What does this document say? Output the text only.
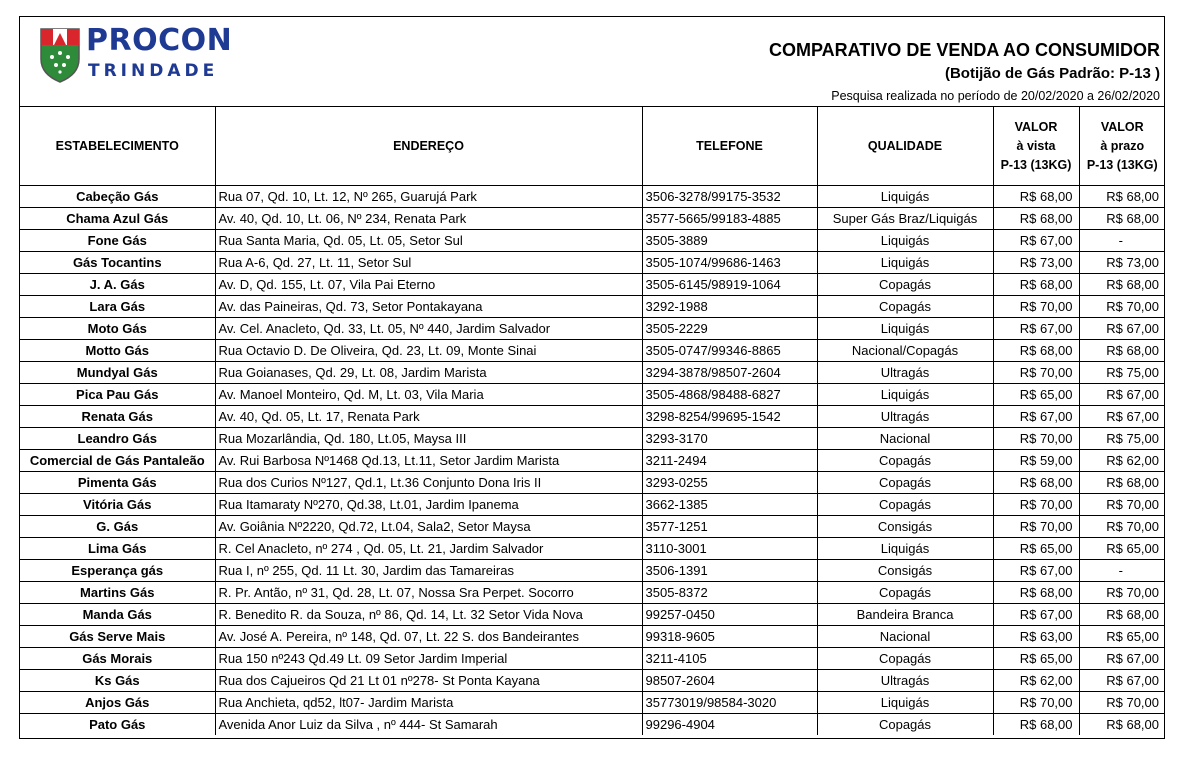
PROCON
TRINDADE
COMPARATIVO DE VENDA AO CONSUMIDOR
(Botijão de Gás Padrão: P-13 )
Pesquisa realizada no período de 20/02/2020 a 26/02/2020
ESTABELECIMENTO	ENDEREÇO	TELEFONE	QUALIDADE	VALOR
à vista
P-13 (13KG)	VALOR
à prazo
P-13 (13KG)

Cabeção Gás	Rua 07, Qd. 10, Lt. 12, Nº 265, Guarujá Park	3506-3278/99175-3532	Liquigás	R$ 68,00	R$ 68,00
Chama Azul Gás	Av. 40, Qd. 10, Lt. 06, Nº 234, Renata Park	3577-5665/99183-4885	Super Gás Braz/Liquigás	R$ 68,00	R$ 68,00
Fone Gás	Rua Santa Maria, Qd. 05, Lt. 05, Setor Sul	3505-3889	Liquigás	R$ 67,00	-
Gás Tocantins	Rua A-6, Qd. 27, Lt. 11, Setor Sul	3505-1074/99686-1463	Liquigás	R$ 73,00	R$ 73,00
J. A. Gás	Av. D, Qd. 155, Lt. 07, Vila Pai Eterno	3505-6145/98919-1064	Copagás	R$ 68,00	R$ 68,00
Lara Gás	Av. das Paineiras, Qd. 73, Setor Pontakayana	3292-1988	Copagás	R$ 70,00	R$ 70,00
Moto Gás	Av. Cel. Anacleto, Qd. 33, Lt. 05, Nº 440, Jardim Salvador	3505-2229	Liquigás	R$ 67,00	R$ 67,00
Motto Gás	Rua Octavio D. De Oliveira, Qd. 23, Lt. 09, Monte Sinai	3505-0747/99346-8865	Nacional/Copagás	R$ 68,00	R$ 68,00
Mundyal Gás	Rua Goianases, Qd. 29, Lt. 08, Jardim Marista	3294-3878/98507-2604	Ultragás	R$ 70,00	R$ 75,00
Pica Pau Gás	Av. Manoel Monteiro, Qd. M, Lt. 03, Vila Maria	3505-4868/98488-6827	Liquigás	R$ 65,00	R$ 67,00
Renata Gás	Av. 40, Qd. 05, Lt. 17, Renata Park	3298-8254/99695-1542	Ultragás	R$ 67,00	R$ 67,00
Leandro Gás	Rua Mozarlândia, Qd. 180, Lt.05, Maysa III	3293-3170	Nacional	R$ 70,00	R$ 75,00
Comercial de Gás Pantaleão	Av. Rui Barbosa Nº1468 Qd.13, Lt.11, Setor Jardim Marista	3211-2494	Copagás	R$ 59,00	R$ 62,00
Pimenta Gás	Rua dos Curios Nº127, Qd.1, Lt.36 Conjunto Dona Iris II	3293-0255	Copagás	R$ 68,00	R$ 68,00
Vitória Gás	Rua Itamaraty Nº270, Qd.38, Lt.01, Jardim Ipanema	3662-1385	Copagás	R$ 70,00	R$ 70,00
G. Gás	Av. Goiânia Nº2220, Qd.72, Lt.04, Sala2, Setor Maysa	3577-1251	Consigás	R$ 70,00	R$ 70,00
Lima Gás	R. Cel Anacleto, nº 274 , Qd. 05, Lt. 21, Jardim Salvador	3110-3001	Liquigás	R$ 65,00	R$ 65,00
Esperança gás	Rua I, nº 255, Qd. 11 Lt. 30, Jardim das Tamareiras	3506-1391	Consigás	R$ 67,00	-
Martins Gás	R. Pr. Antão, nº 31, Qd. 28, Lt. 07, Nossa Sra Perpet. Socorro	3505-8372	Copagás	R$ 68,00	R$ 70,00
Manda Gás	R. Benedito R. da Souza, nº 86, Qd. 14, Lt. 32 Setor Vida Nova	99257-0450	Bandeira Branca	R$ 67,00	R$ 68,00
Gás Serve Mais	Av. José A. Pereira, nº 148, Qd. 07, Lt. 22 S. dos Bandeirantes	99318-9605	Nacional	R$ 63,00	R$ 65,00
Gás Morais	Rua 150 nº243 Qd.49 Lt. 09 Setor Jardim Imperial	3211-4105	Copagás	R$ 65,00	R$ 67,00
Ks Gás	Rua dos Cajueiros Qd 21 Lt 01 nº278- St Ponta Kayana	98507-2604	Ultragás	R$ 62,00	R$ 67,00
Anjos Gás	Rua Anchieta, qd52, lt07- Jardim Marista	35773019/98584-3020	Liquigás	R$ 70,00	R$ 70,00
Pato Gás	Avenida Anor Luiz da Silva , nº 444- St Samarah	99296-4904	Copagás	R$ 68,00	R$ 68,00
